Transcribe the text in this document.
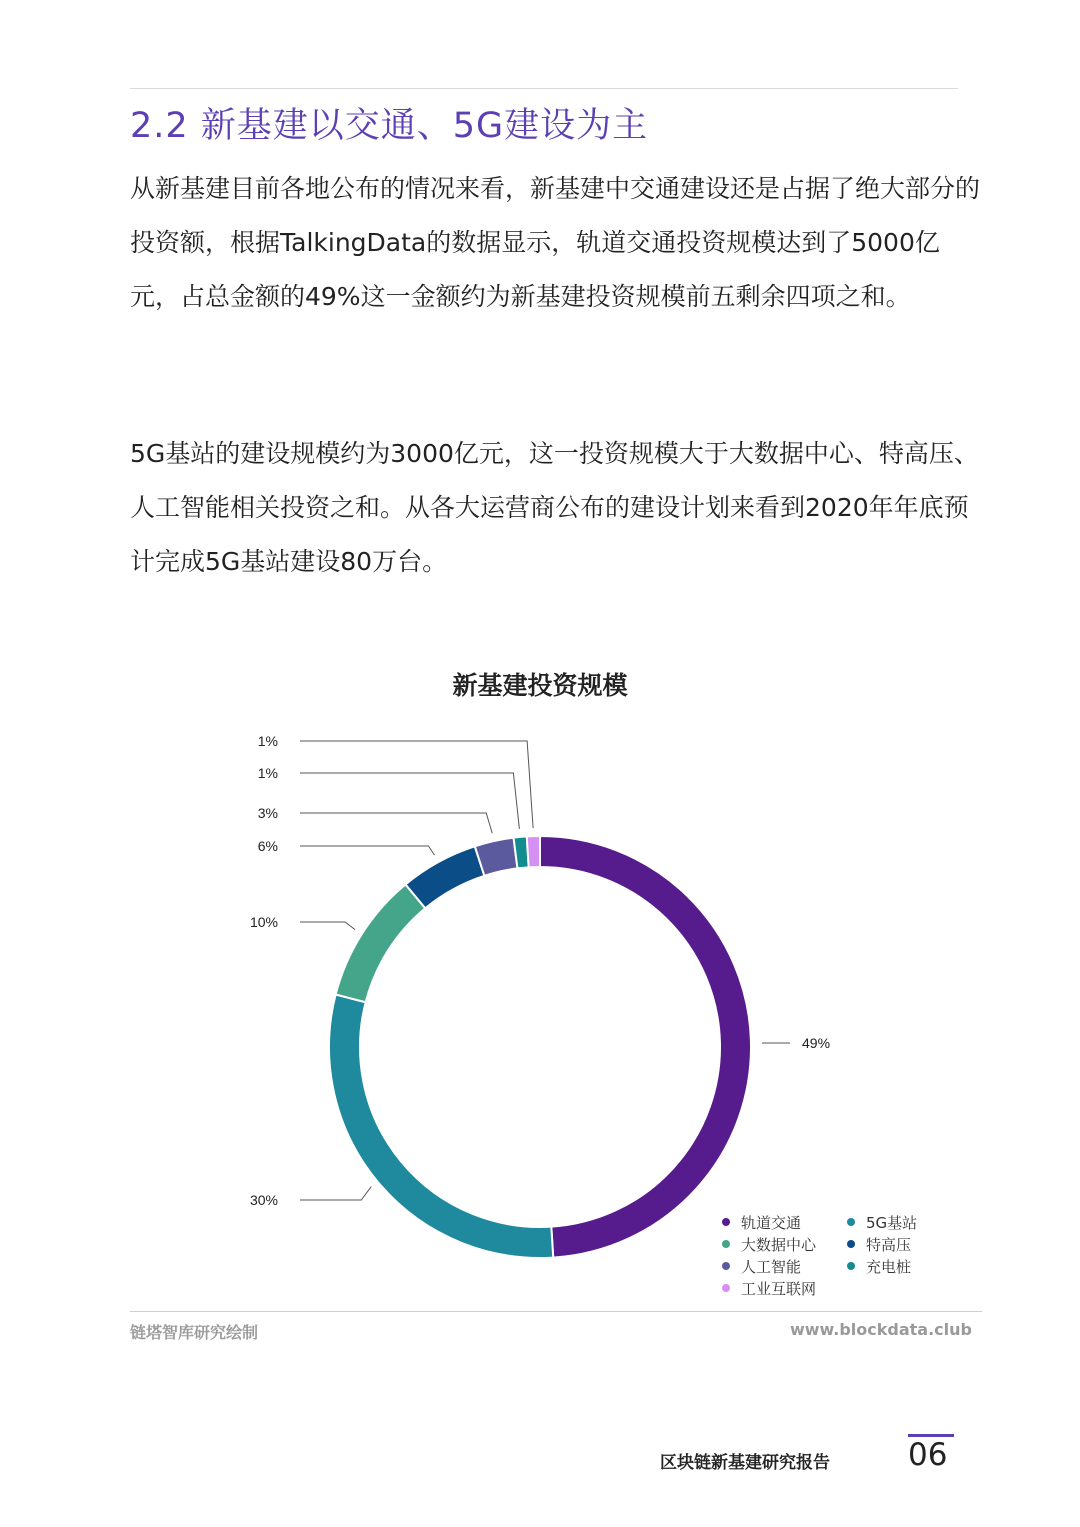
2.2 新基建以交通、5G建设为主

从新基建目前各地公布的情况来看，新基建中交通建设还是占据了绝大部分的投资额，根据TalkingData的数据显示，轨道交通投资规模达到了5000亿元，占总金额的49%这一金额约为新基建投资规模前五剩余四项之和。

5G基站的建设规模约为3000亿元，这一投资规模大于大数据中心、特高压、人工智能相关投资之和。从各大运营商公布的建设计划来看到2020年年底预计完成5G基站建设80万台。

新基建投资规模
49%
30%
10%
6%
3%
1%
1%
轨道交通	5G基站
大数据中心	特高压
人工智能	充电桩
工业互联网
链塔智库研究绘制	www.blockdata.club
区块链新基建研究报告	06
